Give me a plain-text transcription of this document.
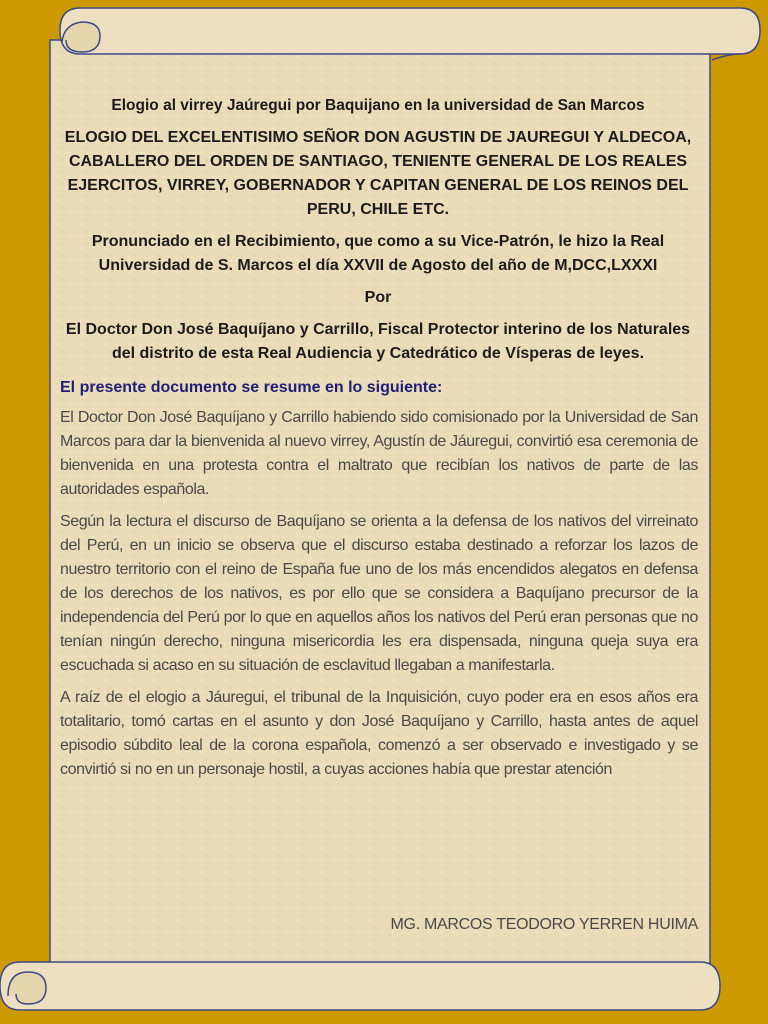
Elogio al virrey Jaúregui por Baquijano en la universidad de San Marcos

ELOGIO DEL EXCELENTISIMO SEÑOR DON AGUSTIN DE JAUREGUI Y ALDECOA, CABALLERO DEL ORDEN DE SANTIAGO, TENIENTE GENERAL DE LOS REALES EJERCITOS, VIRREY, GOBERNADOR Y CAPITAN GENERAL DE LOS REINOS DEL PERU, CHILE ETC.

Pronunciado en el Recibimiento, que como a su Vice-Patrón, le hizo la Real Universidad de S. Marcos el día XXVII de Agosto del año de M,DCC,LXXXI

Por

El Doctor Don José Baquíjano y Carrillo, Fiscal Protector interino de los Naturales del distrito de esta Real Audiencia y Catedrático de Vísperas de leyes.

El presente documento se resume en lo siguiente:

El Doctor Don José Baquíjano y Carrillo habiendo sido comisionado por la Universidad de San Marcos para dar la bienvenida al nuevo virrey, Agustín de Jáuregui, convirtió esa ceremonia de bienvenida en una protesta contra el maltrato que recibían los nativos de parte de las autoridades española.

Según la lectura el discurso de Baquíjano se orienta a la defensa de los nativos del virreinato del Perú, en un inicio se observa que el discurso estaba destinado a reforzar los lazos de nuestro territorio con el reino de España fue uno de los más encendidos alegatos en defensa de los derechos de los nativos, es por ello que se considera a Baquíjano precursor de la independencia del Perú por lo que en aquellos años los nativos del Perú eran personas que no tenían ningún derecho, ninguna misericordia les era dispensada, ninguna queja suya era escuchada si acaso en su situación de esclavitud llegaban a manifestarla.

A raíz de el elogio a Jáuregui, el tribunal de la Inquisición, cuyo poder era en esos años era totalitario, tomó cartas en el asunto y don José Baquíjano y Carrillo, hasta antes de aquel episodio súbdito leal de la corona española, comenzó a ser observado e investigado y se convirtió si no en un personaje hostil, a cuyas acciones había que prestar atención

MG. MARCOS TEODORO YERREN HUIMA
